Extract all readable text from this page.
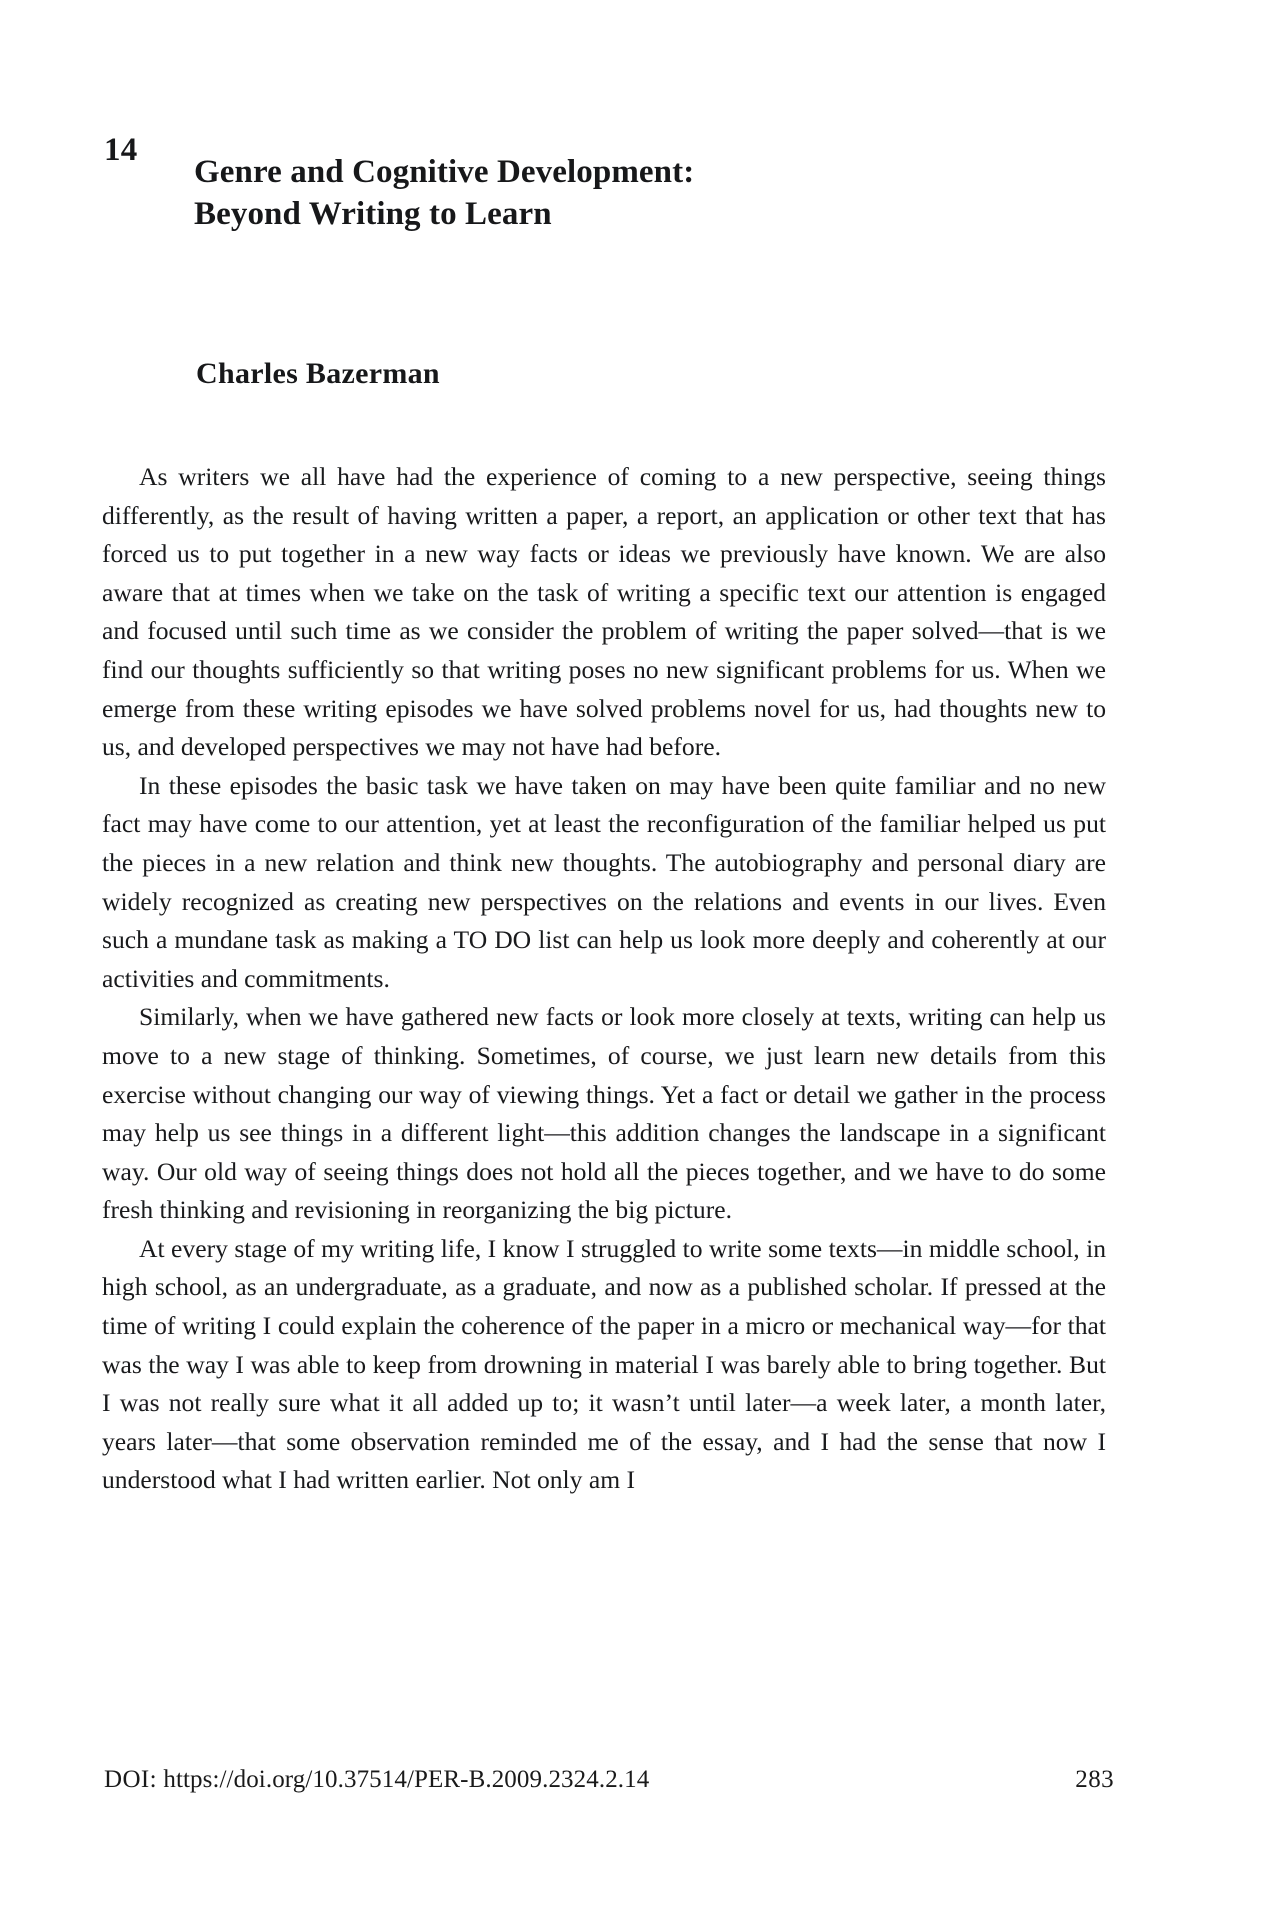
14
Genre and Cognitive Development:
Beyond Writing to Learn
Charles Bazerman

As writers we all have had the experience of coming to a new perspective, seeing things differently, as the result of having written a paper, a report, an application or other text that has forced us to put together in a new way facts or ideas we previously have known. We are also aware that at times when we take on the task of writing a specific text our attention is engaged and focused until such time as we consider the problem of writing the paper solved—that is we find our thoughts sufficiently so that writing poses no new significant problems for us. When we emerge from these writing episodes we have solved problems novel for us, had thoughts new to us, and developed perspectives we may not have had before.

In these episodes the basic task we have taken on may have been quite familiar and no new fact may have come to our attention, yet at least the reconfiguration of the familiar helped us put the pieces in a new relation and think new thoughts. The autobiography and personal diary are widely recognized as creating new perspectives on the relations and events in our lives. Even such a mundane task as making a TO DO list can help us look more deeply and coherently at our activities and commitments.

Similarly, when we have gathered new facts or look more closely at texts, writing can help us move to a new stage of thinking. Sometimes, of course, we just learn new details from this exercise without changing our way of viewing things. Yet a fact or detail we gather in the process may help us see things in a different light—this addition changes the landscape in a significant way. Our old way of seeing things does not hold all the pieces together, and we have to do some fresh thinking and revisioning in reorganizing the big picture.

At every stage of my writing life, I know I struggled to write some texts—in middle school, in high school, as an undergraduate, as a graduate, and now as a published scholar. If pressed at the time of writing I could explain the coherence of the paper in a micro or mechanical way—for that was the way I was able to keep from drowning in material I was barely able to bring together. But I was not really sure what it all added up to; it wasn’t until later—a week later, a month later, years later—that some observation reminded me of the essay, and I had the sense that now I understood what I had written earlier. Not only am I

DOI: https://doi.org/10.37514/PER-B.2009.2324.2.14	283
